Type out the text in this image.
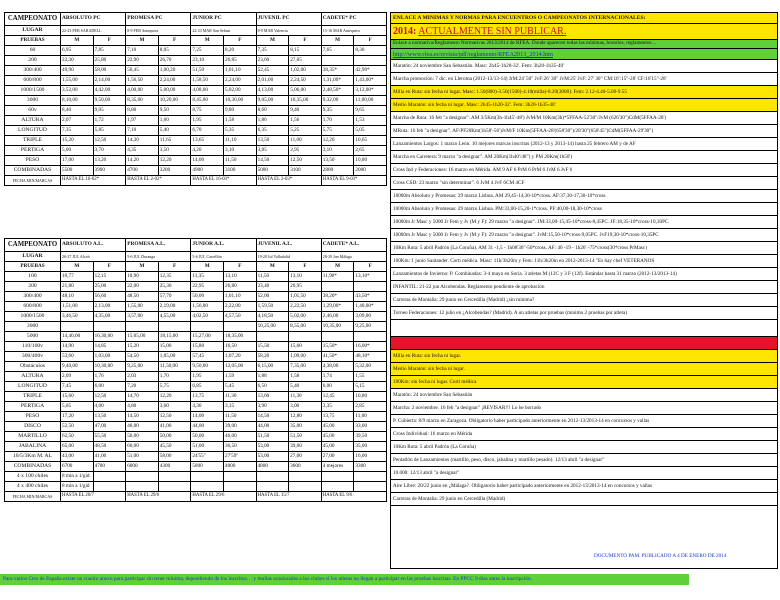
CAMPEONATO	ABSOLUTO PC		PROMESA PC		JUNIOR PC		JUVENIL PC		CADETE* PC	
LUGAR	22-23 FEB SABADELL		8-9 FEB Antequera		22-23 MAR San Sebast		8-9 MAR Valencia		15-16 MAR Antequera	
PRUEBAS	M	F	M	F	M	F	M	F	M	F
60	6,95	7,85	7,10	8,05	7,25	8,20	7,35	8,15	7,65	8,30
200	22,30	25,80	22,90	26,70	23,10	26,85	23,60	27,05		
300/400	49,90	58,00	50,45	1,00,20	51,50	1,01,10	52,45	1,02,00	38,35*	42,90*
600/800	1,55,00	2,14,00	1,56,50	2,24,00	1,58,50	2,24,00	2,01,00	2,24,50	1,31,00*	1,43,00*
1000/1500	3,52,00	4,42,00	4,00,00	5,00,00	4,08,00	5,02,00	4,13,00	5,06,00	2,48,50*	3,12,00*
3000	8,10,00	9,50,00	8,35,00	10,20,00	8,45,00	10,30,00	9,05,00	10,35,00	9,32,00	11,00,00
60v	8,40	9,05	8,80	9,50	8,75	9,80	8,60	9,40	9,35	9,65
ALTURA	2,07	1,72	1,97	1,60	1,95	1,58	1,86	1,56	1,70	1,53
LONGITUD	7,35	5,85	7,10	5,40	6,70	5,35	6,35	5,25	5,75	5,05
TRIPLE	15,20	12,50	14,30	11,65	13,65	11,10	13,50	11,00	12,20	10,65
PERTIGA	5,00	3,70	4,35	3,50	4,20	3,10	3,85	2,95	3,10	2,65
PESO	17,00	13,20	14,20	12,20	14,00	11,50	14,50	12,50	13,50	10,80
COMBINADAS	5500	3900	4700	3200	4900	3100	5000	3100	2800	2000
FECHA MIN/MARCAS	HASTA EL 16-02*		HASTA EL 2-02*		HASTA EL 16-03*		HASTA EL 2-03*		HASTA EL 9-03*	
CAMPEONATO	ABSOLUTO A.L.		PROMESA A.L.		JUNIOR A.L.		JUVENIL A.L.		CADETE* A.L.	
LUGAR	26-27 JUL Alcob		5-6 JUL Durango		5-6 JUL Castellón		19-20 Jul Valladolid		28-29 Jun Málaga	
PRUEBAS	M	F	M	F	M	F	M	F	M	F
100	10,77	12,15	10,90	12,35	11,35	13,10	11,50	13,10	11,90*	13,10*
200	21,80	25,00	22,00	25,30	22,95	26,80	23,40	26,95		
300/400	48,10	56,60	48,50	57,70	50,00	1,01,10	52,00	1,01,50	38,20*	43,50*
600/800	1,51,00	2,13,00	1,55,00	2,19,00	1,56,00	2,22,00	1,59,50	2,22,50	1,29,00*	1,40,00*
1000/1500	3,46,50	4,35,00	3,57,00	4,55,00	4,02,50	4,57,50	4,18,50	5,02,00	2,46,00	3,09,00
3000							10,25,00	8,55,00	10,35,00	9,25,00
5000	14,40,00	16,30,00	15,05,00	18,15,00	15,27,00	18,35,00				
110/100v	14,90	14,85	15,20	15,00	15,80	16,50	15,50	15,60	15,50*	16,00*
300/400v	53,60	1,03,00	54,50	1,05,00	57,45	1,07,20	58,20	1,09,00	41,50*	48,10*
Obstáculos	9,40,00	10,30,00	9,25,00	11,50,00	9,50,00	12,05,00	6,15,00	7,35,00	4,38,00	5,32,00
ALTURA	2,09	1,76	2,03	1,70	1,95	1,59	1,88	1,58	1,74	1,55
LONGITUD	7,45	6,00	7,20	5,75	6,85	5,45	6,50	5,40	6,00	5,15
TRIPLE	15,60	12,50	14,70	12,20	13,75	11,30	13,60	11,30	12,45	10,80
PERTIGA	5,05	4,00	4,80	3,60	4,30	3,15	3,90	3,00	3,35	2,85
PESO	17,20	13,50	14,50	12,50	14,00	11,50	14,50	12,80	13,75	11,00
DISCO	52,50	47,00	46,00	41,00	44,00	39,00	44,00	35,00	45,00	33,00
MARTILLO	62,50	55,50	56,00	50,00	50,00	46,00	51,50	51,50	45,00	39,50
JABALINA	65,00	48,50	60,00	45,50	51,00	36,50	53,00	39,00	45,00	35,00
10/5/3Km M. AL	43,00	41,00	51,00	58,00	24'55"	27'59"	53,00	27,00	27,00	16,00
COMBINADAS	6700	4700	6000	4300	5800	4000	4800	3600	4 mejores	3300
4 x 100 chiles	8 min a 1/gid									
4 x 400 chiles	8 min a 1/gid									
FECHA MIN/MARCAS	HASTA EL 20/7		HASTA EL 29/6		HASTA EL 29/6		HASTA EL 15/7		HASTA EL 9/6	
ENLACE A MINIMAS Y NORMAS PARA ENCUENTROS O CAMPEONATOS INTERNACIONALES:
2014: ACTUALMENTE SIN PUBLICAR.
Enlace a normativa/Reglamento Normativas 2013/2014 de RFEA. Donde aparecen todas las mínimas, horarios, reglamentos…
http://www.rfea.es/revista/pdf/reglamento/RFEA2013_2014.htm
Maratón: 24 noviembre San Sebastián. Masc: 2h45-1h20-32'. Fem: 3h20-1h35-40'
Marcha promoción: 7 dic. en Lleroma (2012-13/13-14) JrM:24' 50" JvF:26' 30" JvM:25' JvF: 27' 30" CM:16':15"-28' CF:16'15"-28'
Milla en Ruta: sin fecha ni lugar. Masc: 1.50(800)-3.50(1500)-4.10(milla)-8.20(3000). Fem: 2.12-4.40-5.00-9.55
Medio Maratón: sin fecha ni lugar. Masc: 2h45-1h20-32'. Fem: 3h20-1h35-40'
Marcha de Ruta: 16 feb "a designar". AM 3/5Km(3h-1h45'-48') JvM/M 10Km(3h)*5FFAA-52'30"/JvM (626'30")CdM(5FFAA-28')
MRuta: 16 feb "a designar". AF/PF20Km(1h58'-56')JvM/F 10Km(5FFAA-28'(658'30")/28'30"(658'45")CdM(5FFAA-29'30")
Lanzamientos Largos: 1 marzo León. 10 mejores marcas inscritas (2012-13 y 2013-14) hasta 25 febrero AM y de AF
Marcha en Carretera: 9 marzo "a designar". AM 20Km(1h40'/48") y PM 20Km(1h50')
Cross Ind y Federaciones: 16 marzo en Mérida. AM 9 AF 6 PrM 6 PrM 6 JvM 6 JvF 6
Cross CSD: 23 marzo "sin determinar". 6 JvM 4 JvF 6CM 4CF
10000m Absoluto y Promesas: 29 marzo Lisboa. AM 29,45-14,30-10*cross. AF:37,30-17,30-10*cross
10000m Absoluto y Promesas: 29 marzo Lisboa. PM:33,00-15,20-1*cross. PF:40,00-18,30-10*cross
10000m Jr Masc y 5000 Jr Fem y Jv (M y F): 29 marzo "a designar". JM:33,00-15,45-10*cross-8,45PC. JF:18,35-10*cross-10,30PC
10000m Jr Masc y 5000 Jr Fem y Jv (M y F): 29 marzo "a designar". JvM:15,50-10*cross-9,05PC. JvF19,30-10*cross-10,35PC
10Km Ruta: 5 abril Padrón (La Coruña). AM 31 -1,5 - 1h08'30"-50*cross. AF: 40 -19 - 1h26' -75*cross(30*cross PrMasc)
100Km: 1 junio Santander. Corti médica. Masc: 11h/3h20m y Fem: 11h/3h20m en 2012-2013-14 "Es hay chef VETERANOS
Lanzamientos de Invierno: P. Combinadas: 3-4 mayo en Soria. 3 atletas M (12C y 3 F (12f). Estándar hasta 31 marzo (2012-13/2013-14)
INFANTIL: 21-22 jun Alcobendas. Reglamento pendiente de aprobación
Carreras de Montaña: 29 junio en Cercedilla (Madrid) ¿sin mínima?
Torneo Federaciones: 12 julio en ¿Alcobendas? (Madrid). A un atletas por pruebas (mínimo 2 pruebas por atleta)
Milla en Ruta: sin fecha ni lugar.
Medio Maratón: sin fecha ni lugar.
100Km: sin fecha ni lugar. Corti médica
Maratón: 24 noviembre San Sebastián
Marcha: 2 noviembre. 16 feb "a designar" ¡REVISAR!!! Lo he borrado
P. Cubierta: 8/9 marzo en Zaragoza. Obligatorio haber participado anteriormente en 2012-13/2013-14 en concursos y vallas
Cross Individual: 16 marzo en Mérida
10Km Ruta: 5 abril Padrón (La Coruña)
Pentatlón de Lanzamientos (martillo, peso, disco, jabalina y martillo pesado). 12/13 abril "a designar"
10.000: 12/13 abril "a designar"
Aire Libre: 20/22 junio en ¿Málaga?. Obligatorio haber participado anteriormente en 2012-13/2013-14 en concursos y vallas
Carreras de Montaña: 29 junio en Cercedilla (Madrid)
DOCUMENTO PAM. PUBLICADO A 4 DE ENERO DE 2014
Para varios Ctos de España existe un cuadro anexo para participar sin tener mínima, dependiendo de los inscritos… y mullas ocasionales a los clubes si los atletas no llegan a participar en las pruebas inscritas. En PPCC 9 días antes la inscripción.
